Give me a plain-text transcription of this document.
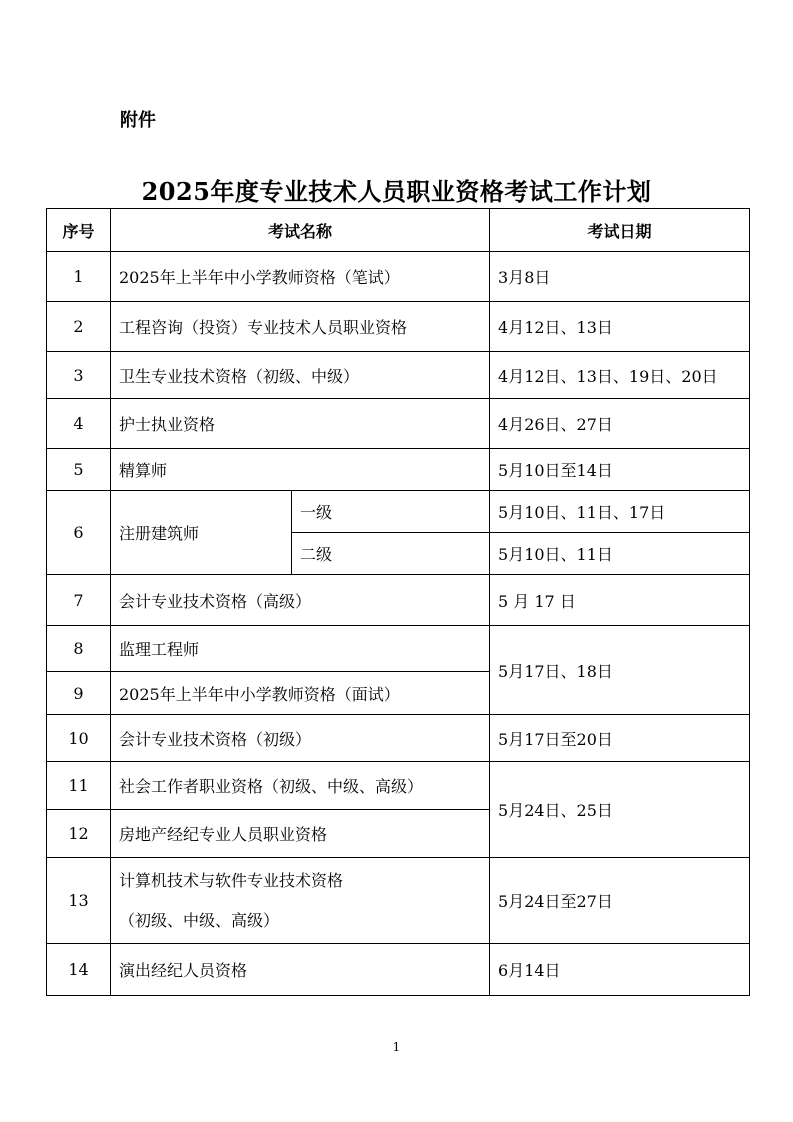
附件
2025年度专业技术人员职业资格考试工作计划
序号	考试名称		考试日期
1	2025年上半年中小学教师资格（笔试）		3月8日
2	工程咨询（投资）专业技术人员职业资格		4月12日、13日
3	卫生专业技术资格（初级、中级）		4月12日、13日、19日、20日
4	护士执业资格		4月26日、27日
5	精算师		5月10日至14日
6	注册建筑师	一级	5月10日、11日、17日
		二级	5月10日、11日
7	会计专业技术资格（高级）		5 月 17 日
8	监理工程师		5月17日、18日
9	2025年上半年中小学教师资格（面试）		
10	会计专业技术资格（初级）		5月17日至20日
11	社会工作者职业资格（初级、中级、高级）		5月24日、25日
12	房地产经纪专业人员职业资格		
13	计算机技术与软件专业技术资格
（初级、中级、高级）		5月24日至27日
14	演出经纪人员资格		6月14日
1
